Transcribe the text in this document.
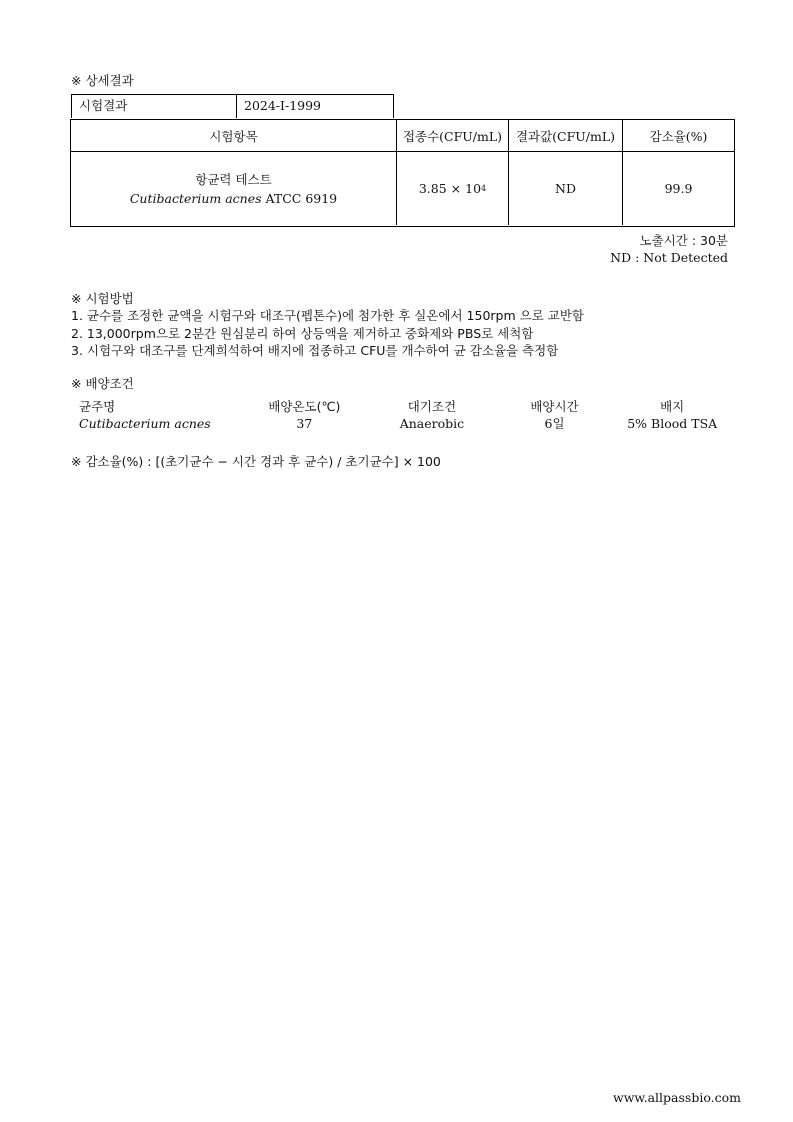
※ 상세결과
시험결과	2024-I-1999
시험항목	접종수(CFU/mL)	결과값(CFU/mL)	감소율(%)
항균력 테스트
Cutibacterium acnes ATCC 6919
3.85 × 10 4	ND	99.9
노출시간 : 30분
ND : Not Detected
※ 시험방법
1. 균수를 조정한 균액을 시험구와 대조구(펩톤수)에 첨가한 후 실온에서 150rpm 으로 교반함
2. 13,000rpm으로 2분간 원심분리 하여 상등액을 제거하고 중화제와 PBS로 세척함
3. 시험구와 대조구를 단계희석하여 배지에 접종하고 CFU를 개수하여 균 감소율을 측정함
※ 배양조건
균주명	배양온도(℃)	대기조건	배양시간	배지
Cutibacterium acnes	37	Anaerobic	6일	5% Blood TSA
※ 감소율(%) : [(초기균수 − 시간 경과 후 균수) / 초기균수] × 100
www.allpassbio.com
